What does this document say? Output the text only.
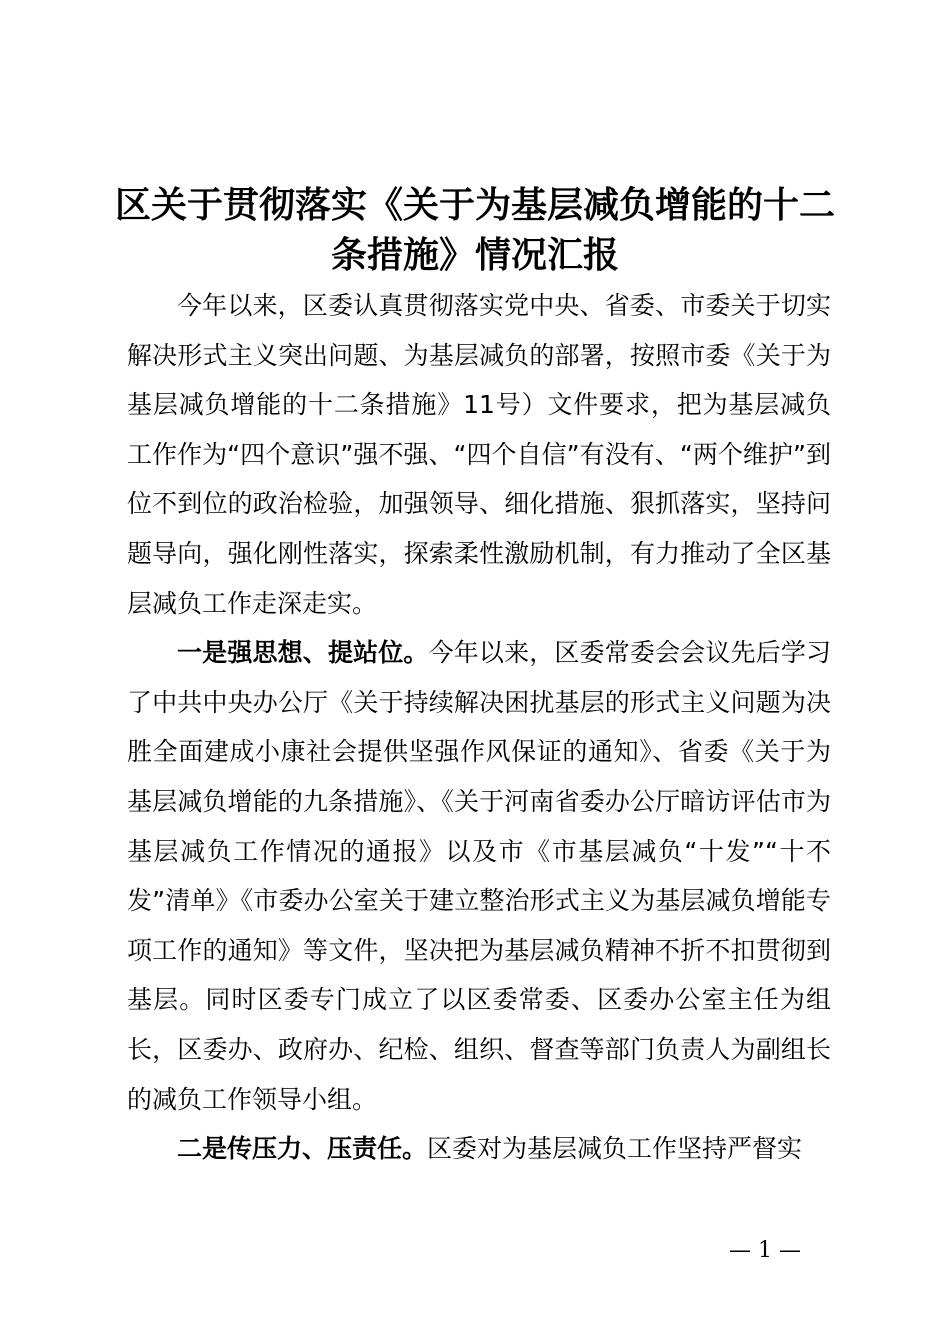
区关于贯彻落实《关于为基层减负增能的十二条措施》情况汇报

今年以来，区委认真贯彻落实党中央、省委、市委关于切实解决形式主义突出问题、为基层减负的部署，按照市委《关于为基层减负增能的十二条措施》11号）文件要求，把为基层减负工作作为“四个意识”强不强、“四个自信”有没有、“两个维护”到位不到位的政治检验，加强领导、细化措施、狠抓落实，坚持问题导向，强化刚性落实，探索柔性激励机制，有力推动了全区基层减负工作走深走实。

一是强思想、提站位。今年以来，区委常委会会议先后学习了中共中央办公厅《关于持续解决困扰基层的形式主义问题为决胜全面建成小康社会提供坚强作风保证的通知》、省委《关于为基层减负增能的九条措施》、《关于河南省委办公厅暗访评估市为基层减负工作情况的通报》以及市《市基层减负“十发”“十不发”清单》《市委办公室关于建立整治形式主义为基层减负增能专项工作的通知》等文件，坚决把为基层减负精神不折不扣贯彻到基层。同时区委专门成立了以区委常委、区委办公室主任为组长，区委办、政府办、纪检、组织、督查等部门负责人为副组长的减负工作领导小组。

二是传压力、压责任。区委对为基层减负工作坚持严督实

— 1 —
